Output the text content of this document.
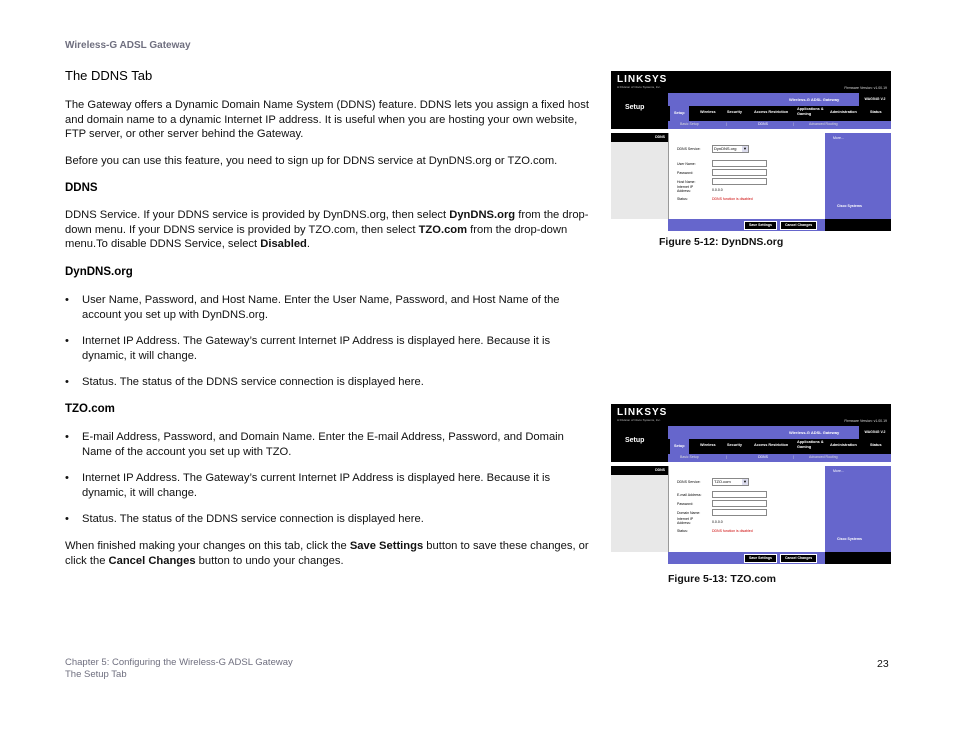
Wireless-G ADSL Gateway
The DDNS Tab
The Gateway offers a Dynamic Domain Name System (DDNS) feature. DDNS lets you assign a fixed host and domain name to a dynamic Internet IP address. It is useful when you are hosting your own website, FTP server, or other server behind the Gateway.
Before you can use this feature, you need to sign up for DDNS service at DynDNS.org or TZO.com.
DDNS
DDNS Service. If your DDNS service is provided by DynDNS.org, then select DynDNS.org from the drop-down menu. If your DDNS service is provided by TZO.com, then select TZO.com from the drop-down menu.To disable DDNS Service, select Disabled.
DynDNS.org
• User Name, Password, and Host Name. Enter the User Name, Password, and Host Name of the account you set up with DynDNS.org.
• Internet IP Address. The Gateway’s current Internet IP Address is displayed here. Because it is dynamic, it will change.
• Status. The status of the DDNS service connection is displayed here.
TZO.com
• E-mail Address, Password, and Domain Name. Enter the E-mail Address, Password, and Domain Name of the account you set up with TZO.
• Internet IP Address. The Gateway’s current Internet IP Address is displayed here. Because it is dynamic, it will change.
• Status. The status of the DDNS service connection is displayed here.
When finished making your changes on this tab, click the Save Settings button to save these changes, or click the Cancel Changes button to undo your changes.
LINKSYS
A Division of Cisco Systems, Inc.	Firmware Version: v1.00.19
Setup
Wireless-G ADSL Gateway	WAG54G V.2
Setup	Wireless	Security	Access Restriction
Applications & Gaming	Administration	Status
Basic Setup	|	DDNS	|	Advanced Routing
DDNS	More...
Cisco Systems
DDNS Service:	DynDNS.org ▼
User Name:
Password:
Host Name:
Internet IP
Address:	0.0.0.0
Status:	DDNS function is disabled
Save Settings	Cancel Changes
Figure 5-12: DynDNS.org
LINKSYS
A Division of Cisco Systems, Inc.	Firmware Version: v1.00.19
Setup
Wireless-G ADSL Gateway	WAG54G V.2
Setup	Wireless	Security	Access Restriction
Applications & Gaming	Administration	Status
Basic Setup	|	DDNS	|	Advanced Routing
DDNS	More...
Cisco Systems
DDNS Service:	TZO.com	▼
E-mail Address:
Password:
Domain Name:
Internet IP
Address:	0.0.0.0
Status:	DDNS function is disabled
Save Settings	Cancel Changes
Figure 5-13: TZO.com
Chapter 5: Configuring the Wireless-G ADSL Gateway
The Setup Tab
23
